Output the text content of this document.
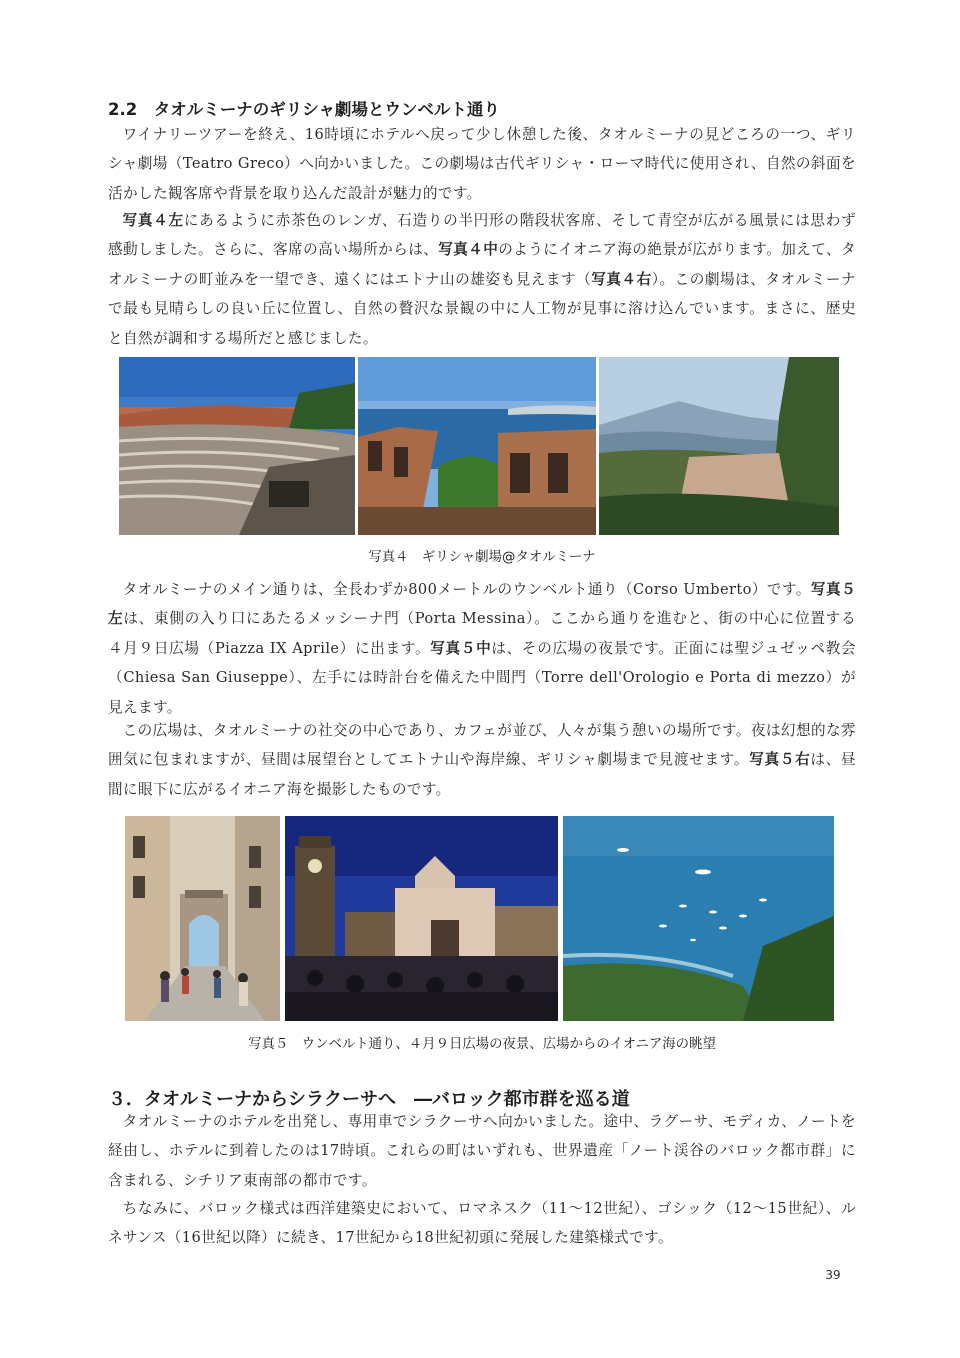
2.2　タオルミーナのギリシャ劇場とウンベルト通り

ワイナリーツアーを終え、16時頃にホテルへ戻って少し休憩した後、タオルミーナの見どころの一つ、ギリシャ劇場（Teatro Greco）へ向かいました。この劇場は古代ギリシャ・ローマ時代に使用され、自然の斜面を活かした観客席や背景を取り込んだ設計が魅力的です。

写真４左にあるように赤茶色のレンガ、石造りの半円形の階段状客席、そして青空が広がる風景には思わず感動しました。さらに、客席の高い場所からは、写真４中のようにイオニア海の絶景が広がります。加えて、タオルミーナの町並みを一望でき、遠くにはエトナ山の雄姿も見えます（写真４右）。この劇場は、タオルミーナで最も見晴らしの良い丘に位置し、自然の贅沢な景観の中に人工物が見事に溶け込んでいます。まさに、歴史と自然が調和する場所だと感じました。

写真４　ギリシャ劇場@タオルミーナ

タオルミーナのメイン通りは、全長わずか800メートルのウンベルト通り（Corso Umberto）です。写真５左は、東側の入り口にあたるメッシーナ門（Porta Messina）。ここから通りを進むと、街の中心に位置する４月９日広場（Piazza IX Aprile）に出ます。写真５中は、その広場の夜景です。正面には聖ジュゼッペ教会（Chiesa San Giuseppe）、左手には時計台を備えた中間門（Torre dell'Orologio e Porta di mezzo）が見えます。

この広場は、タオルミーナの社交の中心であり、カフェが並び、人々が集う憩いの場所です。夜は幻想的な雰囲気に包まれますが、昼間は展望台としてエトナ山や海岸線、ギリシャ劇場まで見渡せます。写真５右は、昼間に眼下に広がるイオニア海を撮影したものです。

写真５　ウンベルト通り、４月９日広場の夜景、広場からのイオニア海の眺望

３．タオルミーナからシラクーサへ　―バロック都市群を巡る道

タオルミーナのホテルを出発し、専用車でシラクーサへ向かいました。途中、ラグーサ、モディカ、ノートを経由し、ホテルに到着したのは17時頃。これらの町はいずれも、世界遺産「ノート渓谷のバロック都市群」に含まれる、シチリア東南部の都市です。

ちなみに、バロック様式は西洋建築史において、ロマネスク（11～12世紀）、ゴシック（12～15世紀）、ルネサンス（16世紀以降）に続き、17世紀から18世紀初頭に発展した建築様式です。

39
